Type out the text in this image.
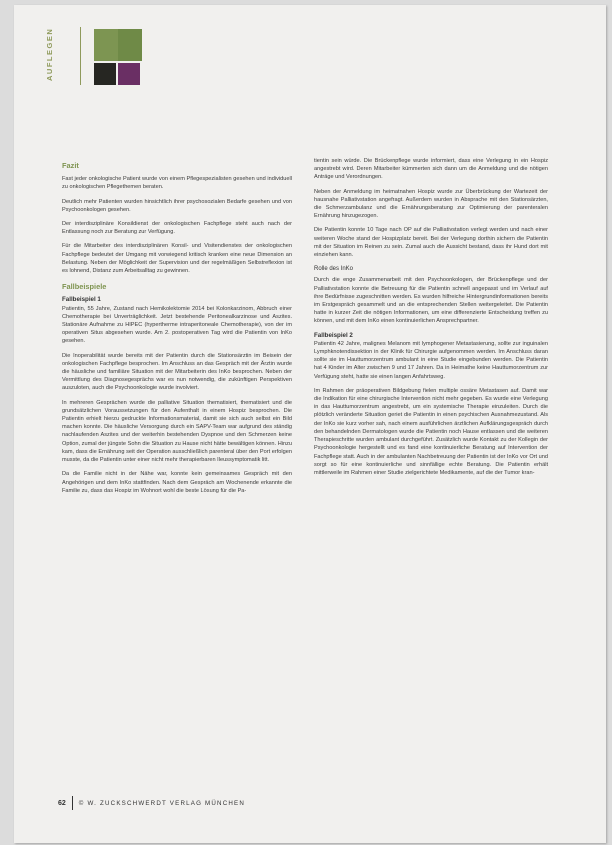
AUFLEGEN
Fazit

Fast jeder onkologische Patient wurde von einem Pflegespezialisten gesehen und individuell zu onkologischen Pflegethemen beraten.

Deutlich mehr Patienten wurden hinsichtlich ihrer psychosozialen Bedarfe gesehen und von Psychoonkologen gesehen.

Der interdisziplinäre Konsildienst der onkologischen Fachpflege steht auch nach der Entlassung noch zur Beratung zur Verfügung.

Für die Mitarbeiter des interdisziplinären Konsil- und Visitendienstes der onkologischen Fachpflege bedeutet der Umgang mit vorwiegend kritisch kranken eine neue Dimension an Belastung. Neben der Möglichkeit der Supervision und der regelmäßigen Selbstreflexion ist es lohnend, Distanz zum Arbeitsalltag zu gewinnen.

Fallbeispiele
Fallbeispiel 1

Patientin, 55 Jahre, Zustand nach Hemikolektomie 2014 bei Kolonkarzinom, Abbruch einer Chemotherapie bei Unverträglichkeit. Jetzt bestehende Peritonealkarzinose und Aszites. Stationäre Aufnahme zu HIPEC (hypertherme intraperitoneale Chemotherapie), von der im operativen Situs abgesehen wurde. Am 2. postoperativen Tag wird die Patientin von InKo gesehen.

Die Inoperabilität wurde bereits mit der Patientin durch die Stationsärztin im Beisein der onkologischen Fachpflege besprochen. Im Anschluss an das Gespräch mit der Ärztin wurde die häusliche und familiäre Situation mit der Mitarbeiterin des InKo besprochen. Neben der Vermittlung des Diagnosegesprächs war es nun notwendig, die zukünftigen Perspektiven auszuloten, auch die Psychoonkologie wurde involviert.

In mehreren Gesprächen wurde die palliative Situation thematisiert, thematisiert und die grundsätzlichen Voraussetzungen für den Aufenthalt in einem Hospiz besprochen. Die Patientin erhielt hierzu gedruckte Informationsmaterial, damit sie sich auch selbst ein Bild machen konnte. Die häusliche Versorgung durch ein SAPV-Team war aufgrund des ständig nachlaufenden Aszites und der weiterhin bestehenden Dyspnoe und den Schmerzen keine Option, zumal der jüngste Sohn die Situation zu Hause nicht hätte bewältigen können. Hinzu kam, dass die Ernährung seit der Operation ausschließlich parenteral über den Port erfolgen musste, da die Patientin unter einer nicht mehr therapierbaren Ileussymptomatik litt.

Da die Familie nicht in der Nähe war, konnte kein gemeinsames Gespräch mit den Angehörigen und dem InKo stattfinden. Nach dem Gespräch am Wochenende erkannte die Familie zu, dass das Hospiz im Wohnort wohl die beste Lösung für die Pa-

tientin sein würde. Die Brückenpflege wurde informiert, dass eine Verlegung in ein Hospiz angestrebt wird. Deren Mitarbeiter kümmerten sich dann um die Anmeldung und die nötigen Anträge und Verordnungen.

Neben der Anmeldung im heimatnahen Hospiz wurde zur Überbrückung der Wartezeit der hausnahe Palliativstation angefragt. Außerdem wurden in Absprache mit den Stationsärzten, die Schmerzambulanz und die Ernährungsberatung zur Optimierung der parenteralen Ernährung hinzugezogen.

Die Patientin konnte 10 Tage nach OP auf die Palliativstation verlegt werden und nach einer weiteren Woche stand der Hospizplatz bereit. Bei der Verlegung dorthin sichern die Patientin mit der Situation im Reinen zu sein. Zumal auch die Aussicht bestand, dass ihr Hund dort mit einziehen kann.

Rolle des InKo

Durch die enge Zusammenarbeit mit den Psychoonkologen, der Brückenpflege und der Palliativstation konnte die Betreuung für die Patientin schnell angepasst und im Verlauf auf ihre Bedürfnisse zugeschnitten werden. Es wurden hilfreiche Hintergrundinformationen bereits im Erstgespräch gesammelt und an die entsprechenden Stellen weitergeleitet. Die Patientin hatte in kurzer Zeit die nötigen Informationen, um eine differenzierte Entscheidung treffen zu können, und mit dem InKo einen kontinuierlichen Ansprechpartner.

Fallbeispiel 2

Patientin 42 Jahre, malignes Melanom mit lymphogener Metastasierung, sollte zur inguinalen Lymphknotendissektion in der Klinik für Chirurgie aufgenommen werden. Im Anschluss daran sollte sie im Hauttumorzentrum ambulant in eine Studie eingebunden werden. Die Patientin hat 4 Kinder im Alter zwischen 9 und 17 Jahren. Da in Heimathe keine Hauttumorzentrum zur Verfügung steht, hatte sie einen langen Anfahrtsweg.

Im Rahmen der präoperativen Bildgebung fielen multiple ossäre Metastasen auf. Damit war die Indikation für eine chirurgische Intervention nicht mehr gegeben. Es wurde eine Verlegung in das Hauttumorzentrum angestrebt, um ein systemische Therapie einzuleiten. Durch die plötzlich veränderte Situation geriet die Patientin in einen psychischen Ausnahmezustand. Als der InKo sie kurz vorher sah, nach einem ausführlichen ärztlichen Aufklärungsgespräch durch den behandelnden Dermatologen wurde die Patientin noch Hause entlassen und die weiteren Therapieschritte wurden ambulant durchgeführt. Zusätzlich wurde Kontakt zu der Kollegin der Psychoonkologie hergestellt und es fand eine kontinuierliche Beratung auf Intervention der Fachpflege statt. Auch in der ambulanten Nachbetreuung der Patientin ist der InKo vor Ort und sorgt so für eine kontinuierliche und sinnfällige echte Beratung. Die Patientin erhält mittlerweile im Rahmen einer Studie zielgerichtete Medikamente, auf die der Tumor kran-

62 © W. ZUCKSCHWERDT VERLAG MÜNCHEN
